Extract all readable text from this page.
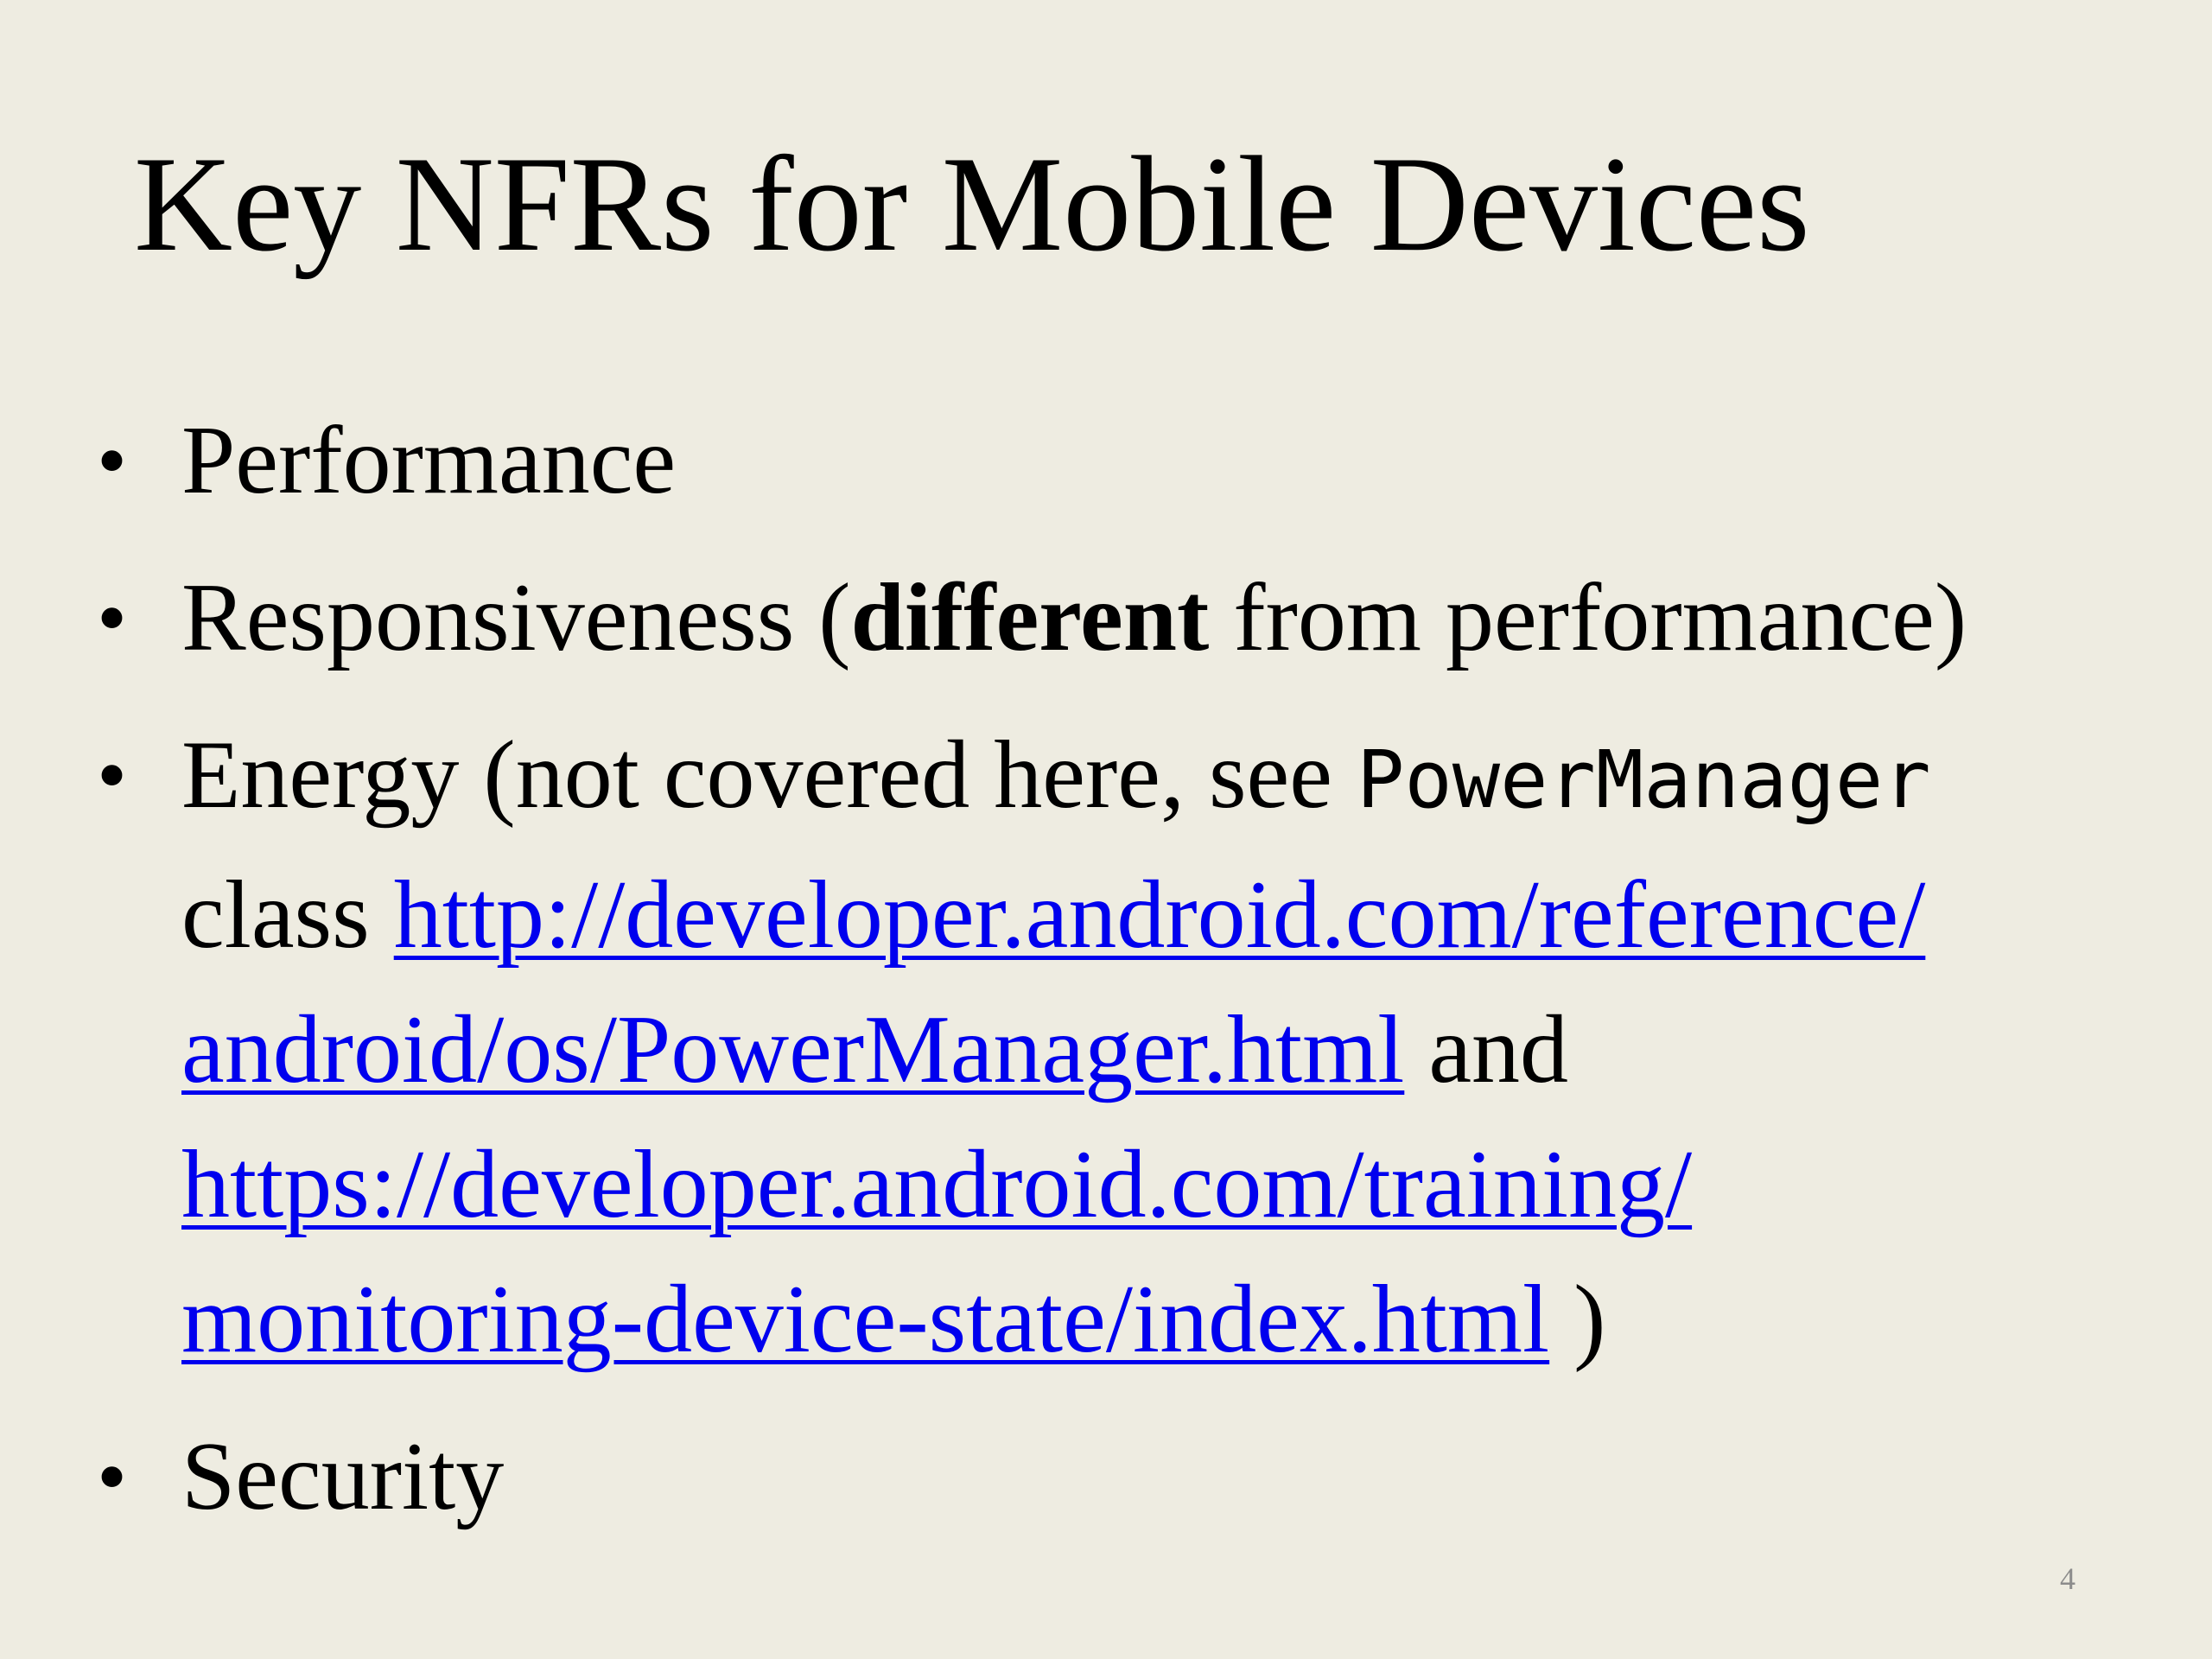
Key NFRs for Mobile Devices
• Performance
• Responsiveness (different from performance)
• Energy (not covered here, see PowerManager
class http://developer.android.com/reference/
android/os/PowerManager.html and
https://developer.android.com/training/
monitoring-device-state/index.html )
• Security
4
